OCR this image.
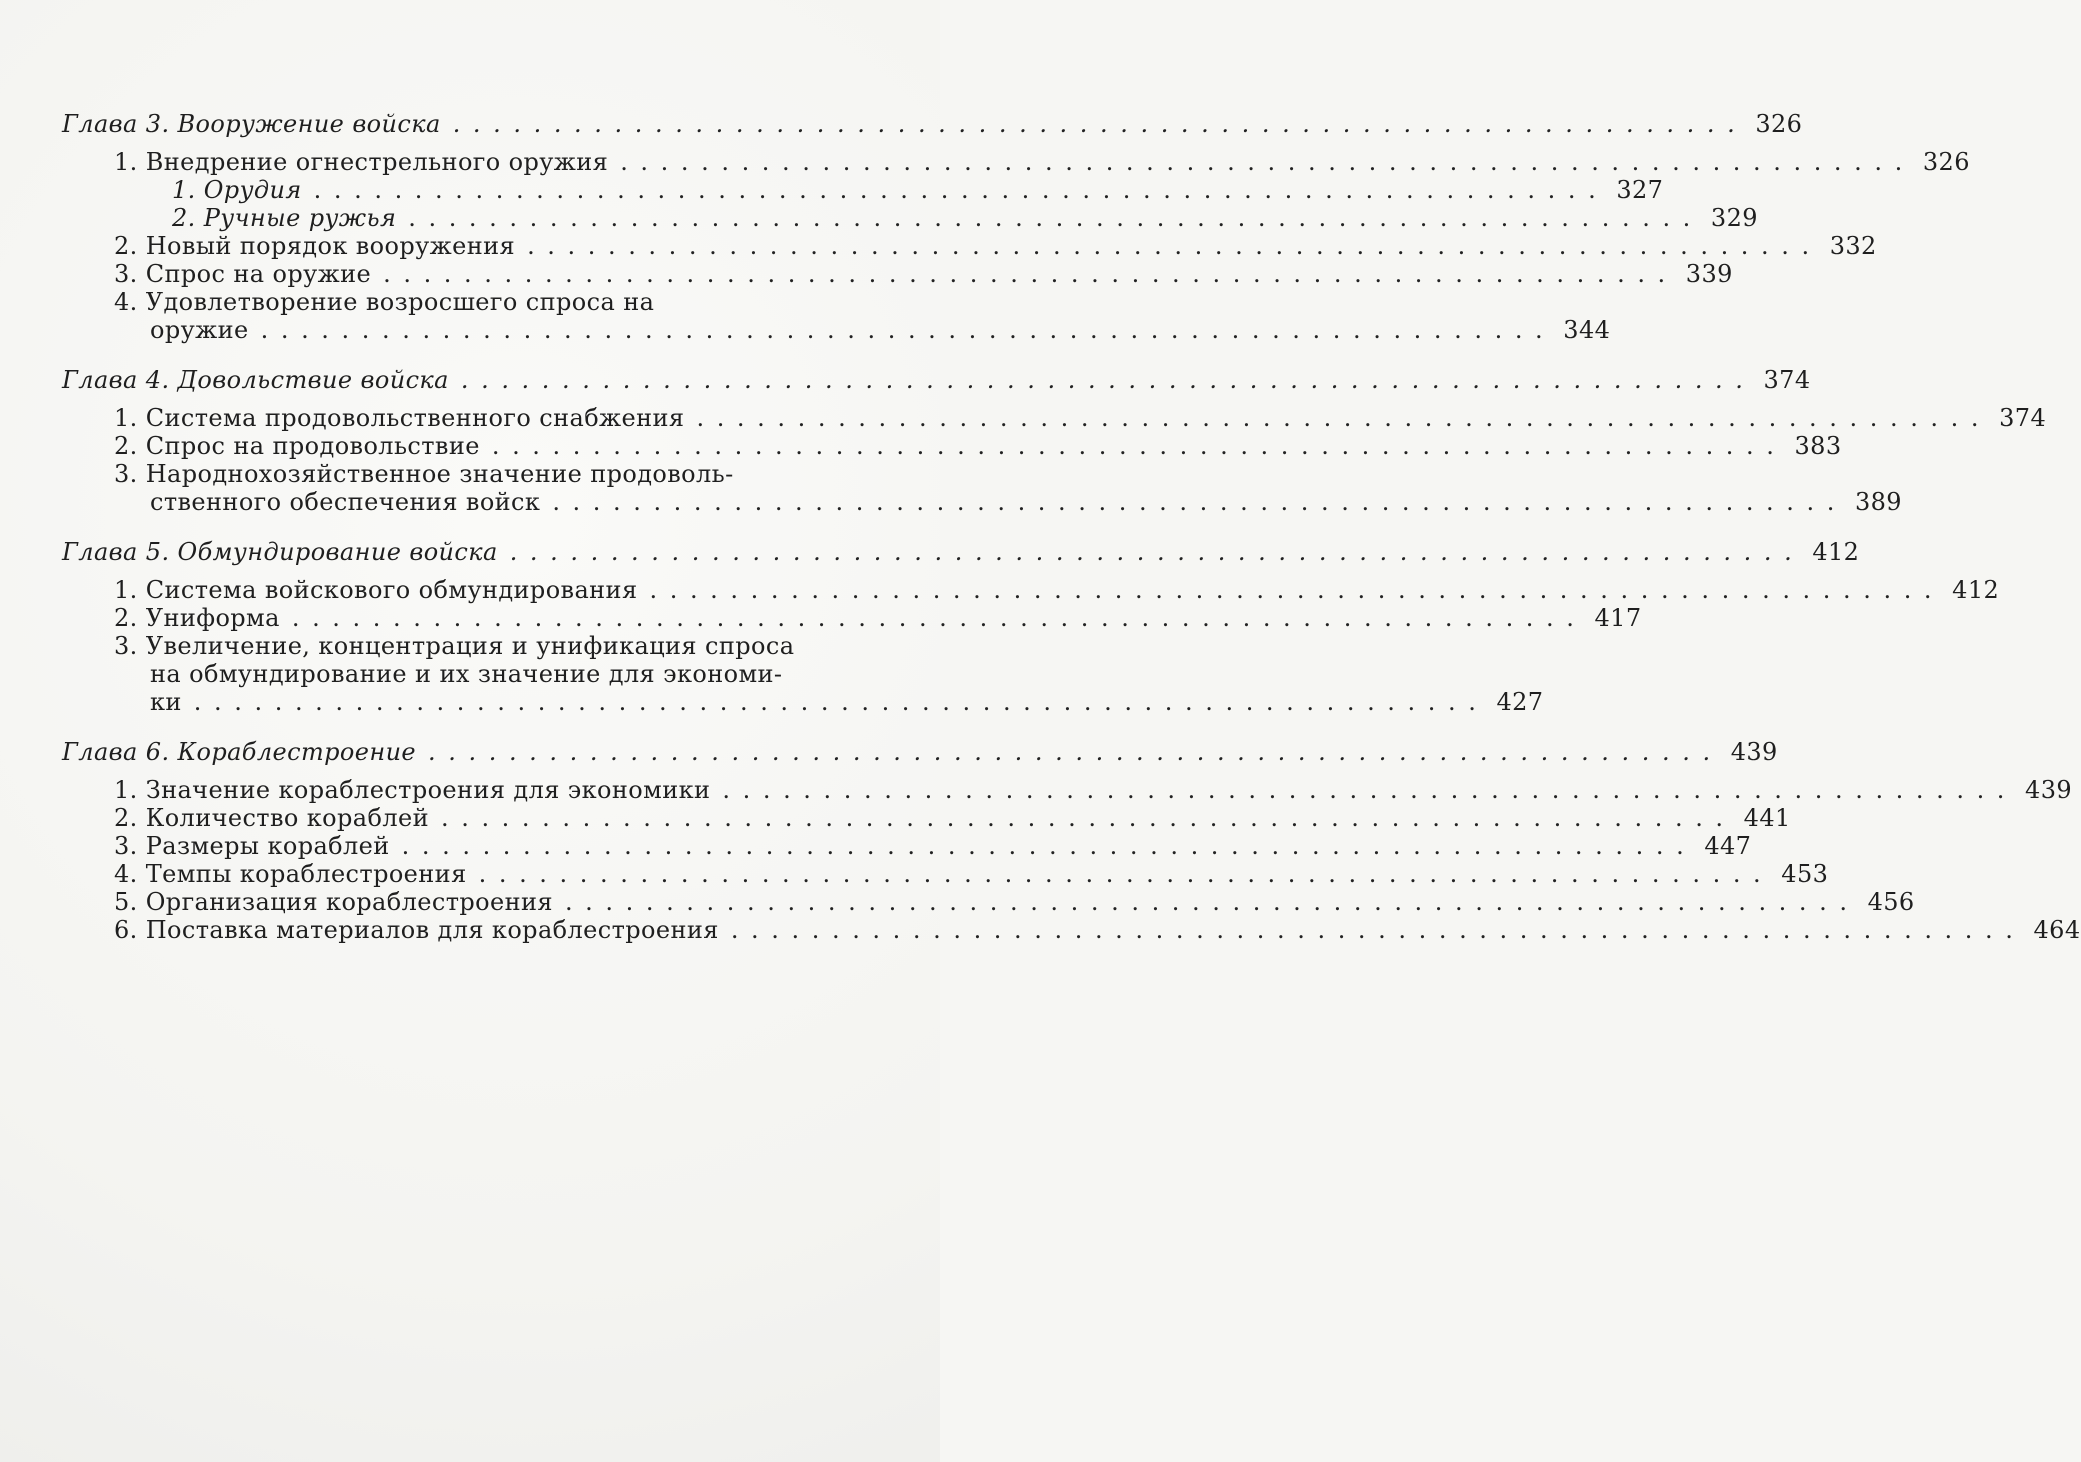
Глава 3. Вооружение войска ................................................................ 326
1. Внедрение огнестрельного оружия ................................................................ 326
1. Орудия ................................................................ 327
2. Ручные ружья ................................................................ 329
2. Новый порядок вооружения ................................................................ 332
3. Спрос на оружие ................................................................ 339
4. Удовлетворение возросшего спроса на
оружие ................................................................ 344
Глава 4. Довольствие войска ................................................................ 374
1. Система продовольственного снабжения ................................................................ 374
2. Спрос на продовольствие ................................................................ 383
3. Народнохозяйственное значение продоволь-
ственного обеспечения войск ................................................................ 389
Глава 5. Обмундирование войска ................................................................ 412
1. Система войскового обмундирования ................................................................ 412
2. Униформа ................................................................ 417
3. Увеличение, концентрация и унификация спроса
на обмундирование и их значение для экономи-
ки ................................................................ 427
Глава 6. Кораблестроение ................................................................ 439
1. Значение кораблестроения для экономики ................................................................ 439
2. Количество кораблей ................................................................ 441
3. Размеры кораблей ................................................................ 447
4. Темпы кораблестроения ................................................................ 453
5. Организация кораблестроения ................................................................ 456
6. Поставка материалов для кораблестроения ................................................................ 464
